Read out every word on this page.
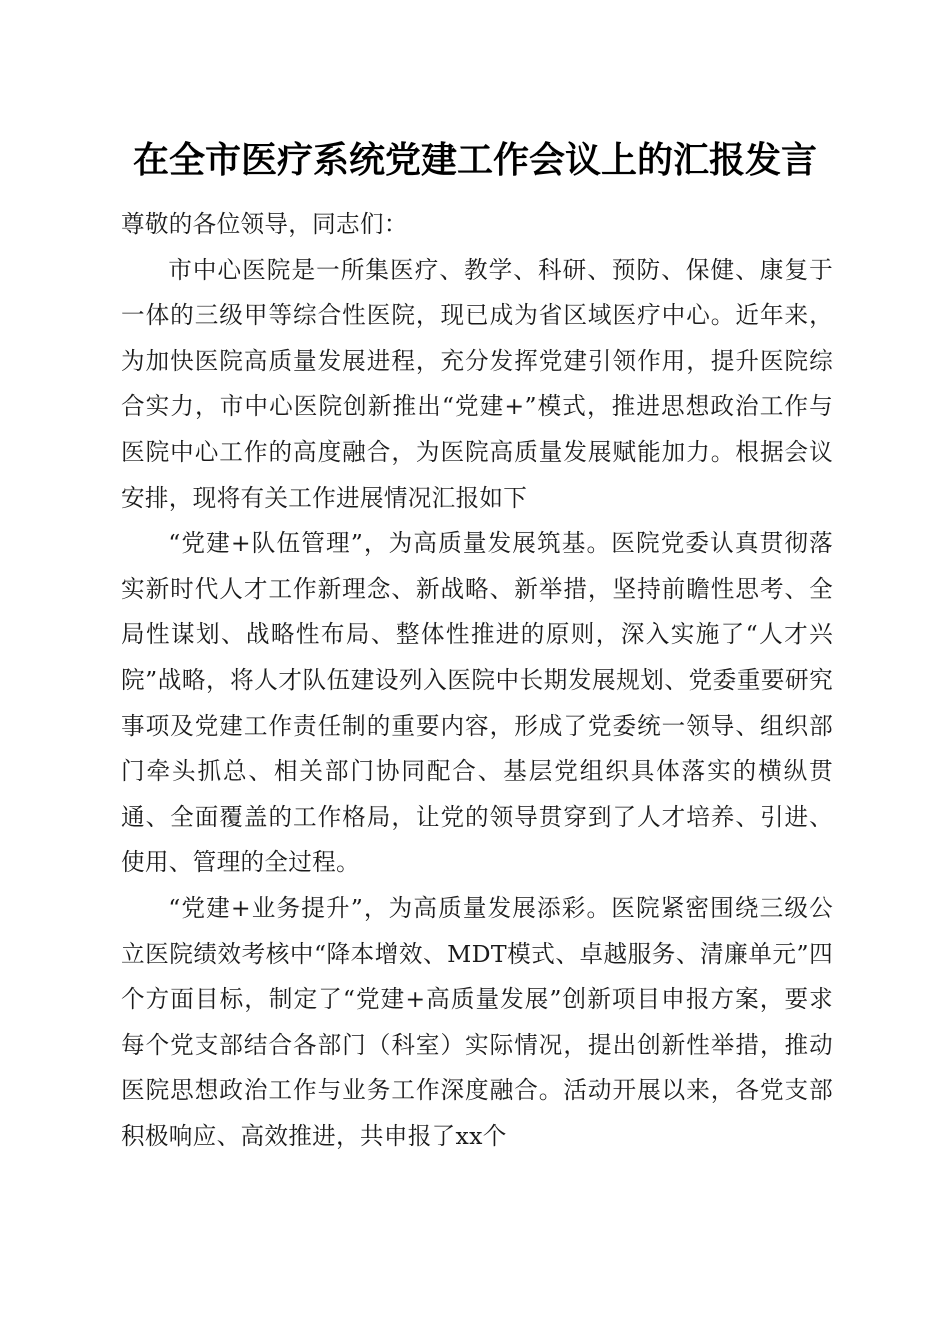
在全市医疗系统党建工作会议上的汇报发言

尊敬的各位领导，同志们：

市中心医院是一所集医疗、教学、科研、预防、保健、康复于一体的三级甲等综合性医院，现已成为省区域医疗中心。近年来，为加快医院高质量发展进程，充分发挥党建引领作用，提升医院综合实力，市中心医院创新推出“党建+”模式，推进思想政治工作与医院中心工作的高度融合，为医院高质量发展赋能加力。根据会议安排，现将有关工作进展情况汇报如下

“党建+队伍管理”，为高质量发展筑基。医院党委认真贯彻落实新时代人才工作新理念、新战略、新举措，坚持前瞻性思考、全局性谋划、战略性布局、整体性推进的原则，深入实施了“人才兴院”战略，将人才队伍建设列入医院中长期发展规划、党委重要研究事项及党建工作责任制的重要内容，形成了党委统一领导、组织部门牵头抓总、相关部门协同配合、基层党组织具体落实的横纵贯通、全面覆盖的工作格局，让党的领导贯穿到了人才培养、引进、使用、管理的全过程。

“党建+业务提升”，为高质量发展添彩。医院紧密围绕三级公立医院绩效考核中“降本增效、MDT模式、卓越服务、清廉单元”四个方面目标，制定了“党建+高质量发展”创新项目申报方案，要求每个党支部结合各部门（科室）实际情况，提出创新性举措，推动医院思想政治工作与业务工作深度融合。活动开展以来，各党支部积极响应、高效推进，共申报了xx个
